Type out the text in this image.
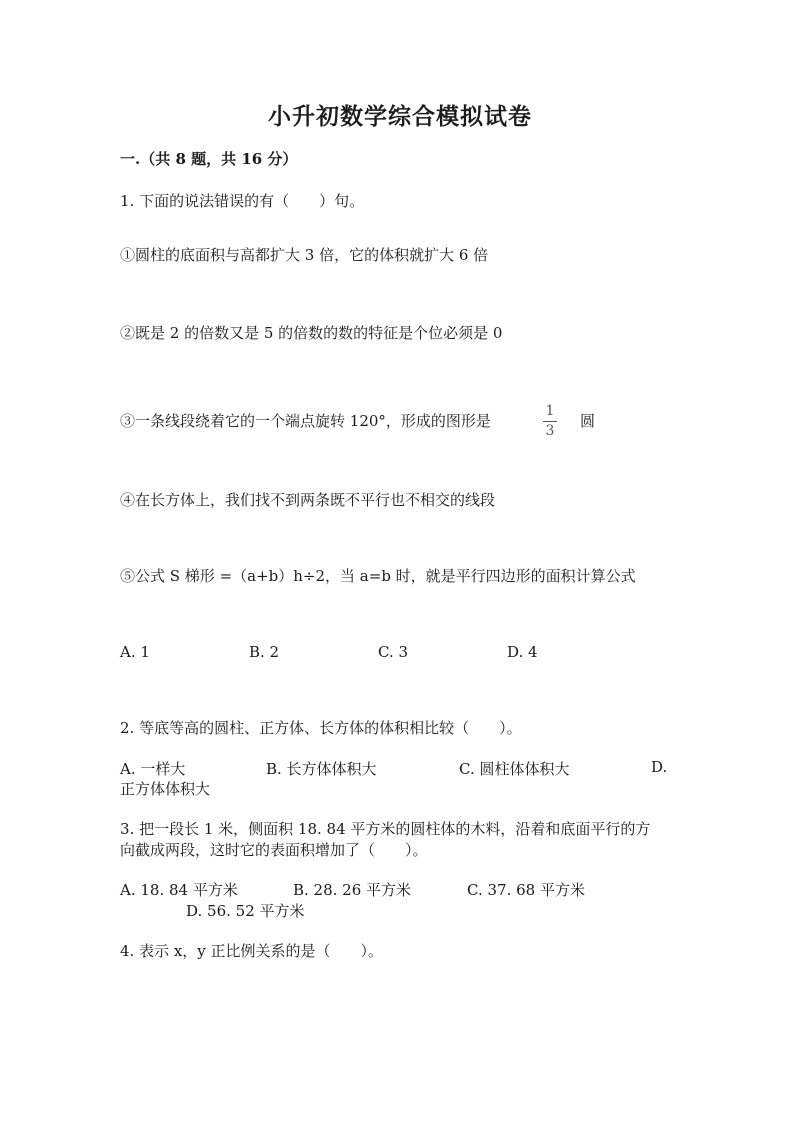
小升初数学综合模拟试卷
一.（共 8 题，共 16 分）
1. 下面的说法错误的有（　　）句。
①圆柱的底面积与高都扩大 3 倍，它的体积就扩大 6 倍
②既是 2 的倍数又是 5 的倍数的数的特征是个位必须是 0
③一条线段绕着它的一个端点旋转 120°，形成的图形是
1
3
圆
④在长方体上，我们找不到两条既不平行也不相交的线段
⑤公式 S 梯形 =（a+b）h÷2，当 a=b 时，就是平行四边形的面积计算公式
A. 1	B. 2	C. 3	D. 4
2. 等底等高的圆柱、正方体、长方体的体积相比较（　　）。
A. 一样大	B. 长方体体积大	C. 圆柱体体积大	D.
正方体体积大
3. 把一段长 1 米，侧面积 18. 84 平方米的圆柱体的木料，沿着和底面平行的方
向截成两段，这时它的表面积增加了（　　）。
A. 18. 84 平方米	B. 28. 26 平方米	C. 37. 68 平方米
D. 56. 52 平方米
4. 表示 x，y 正比例关系的是（　　）。
